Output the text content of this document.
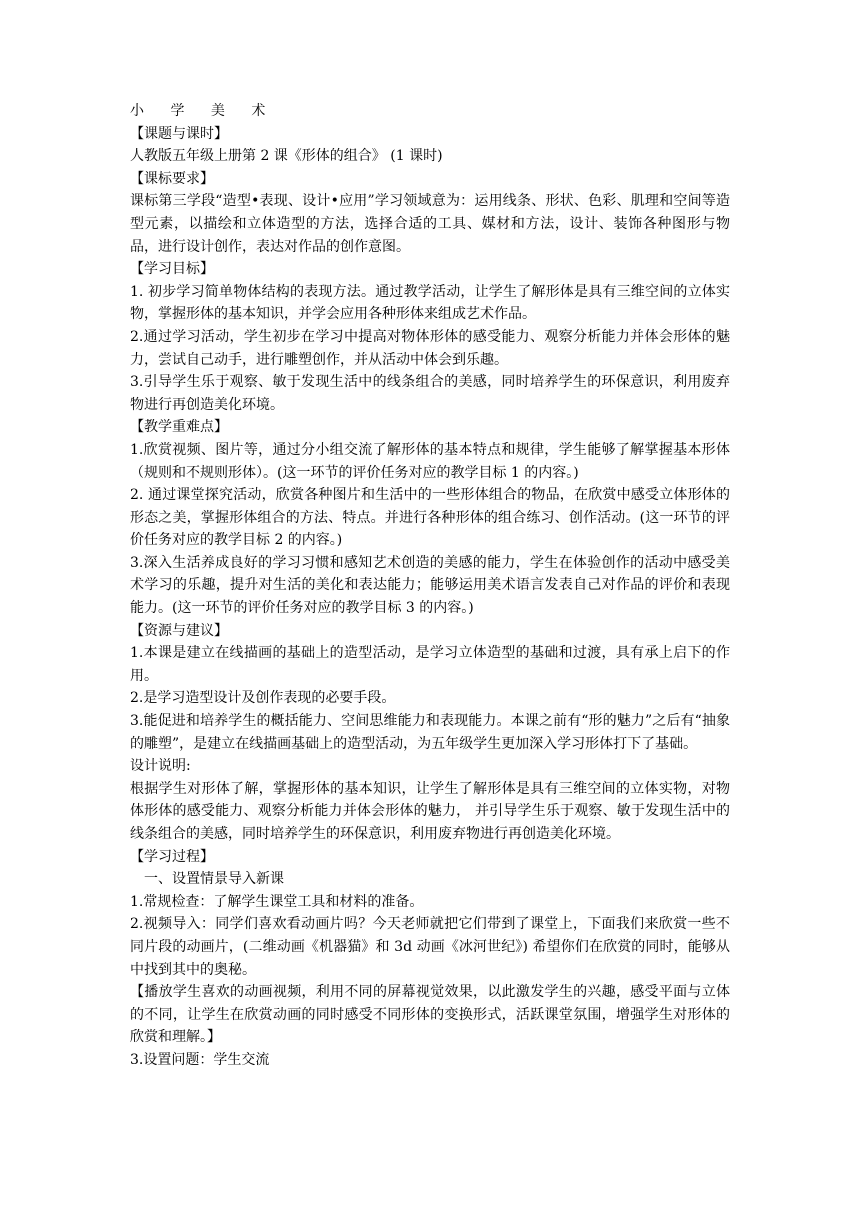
小 学 美 术

【课题与课时】

人教版五年级上册第 2 课《形体的组合》 (1 课时)

【课标要求】

课标第三学段“造型•表现、设计•应用”学习领域意为：运用线条、形状、色彩、肌理和空间等造型元素，以描绘和立体造型的方法，选择合适的工具、媒材和方法，设计、装饰各种图形与物品，进行设计创作，表达对作品的创作意图。

【学习目标】

1. 初步学习简单物体结构的表现方法。通过教学活动，让学生了解形体是具有三维空间的立体实物，掌握形体的基本知识，并学会应用各种形体来组成艺术作品。

2.通过学习活动，学生初步在学习中提高对物体形体的感受能力、观察分析能力并体会形体的魅力，尝试自己动手，进行雕塑创作，并从活动中体会到乐趣。

3.引导学生乐于观察、敏于发现生活中的线条组合的美感，同时培养学生的环保意识，利用废弃物进行再创造美化环境。

【教学重难点】

1.欣赏视频、图片等，通过分小组交流了解形体的基本特点和规律，学生能够了解掌握基本形体（规则和不规则形体）。(这一环节的评价任务对应的教学目标 1 的内容。)

2. 通过课堂探究活动，欣赏各种图片和生活中的一些形体组合的物品，在欣赏中感受立体形体的形态之美，掌握形体组合的方法、特点。并进行各种形体的组合练习、创作活动。(这一环节的评价任务对应的教学目标 2 的内容。)

3.深入生活养成良好的学习习惯和感知艺术创造的美感的能力，学生在体验创作的活动中感受美术学习的乐趣，提升对生活的美化和表达能力；能够运用美术语言发表自己对作品的评价和表现能力。(这一环节的评价任务对应的教学目标 3 的内容。)

【资源与建议】

1.本课是建立在线描画的基础上的造型活动，是学习立体造型的基础和过渡，具有承上启下的作用。

2.是学习造型设计及创作表现的必要手段。

3.能促进和培养学生的概括能力、空间思维能力和表现能力。本课之前有“形的魅力”之后有“抽象的雕塑”，是建立在线描画基础上的造型活动，为五年级学生更加深入学习形体打下了基础。

设计说明:

根据学生对形体了解，掌握形体的基本知识，让学生了解形体是具有三维空间的立体实物，对物体形体的感受能力、观察分析能力并体会形体的魅力， 并引导学生乐于观察、敏于发现生活中的线条组合的美感，同时培养学生的环保意识，利用废弃物进行再创造美化环境。

【学习过程】

一、设置情景导入新课

1.常规检查：了解学生课堂工具和材料的准备。

2.视频导入：同学们喜欢看动画片吗？今天老师就把它们带到了课堂上，下面我们来欣赏一些不同片段的动画片，(二维动画《机器猫》和 3d 动画《冰河世纪》) 希望你们在欣赏的同时，能够从中找到其中的奥秘。

【播放学生喜欢的动画视频，利用不同的屏幕视觉效果，以此激发学生的兴趣，感受平面与立体的不同，让学生在欣赏动画的同时感受不同形体的变换形式，活跃课堂氛围，增强学生对形体的欣赏和理解。】

3.设置问题：学生交流
